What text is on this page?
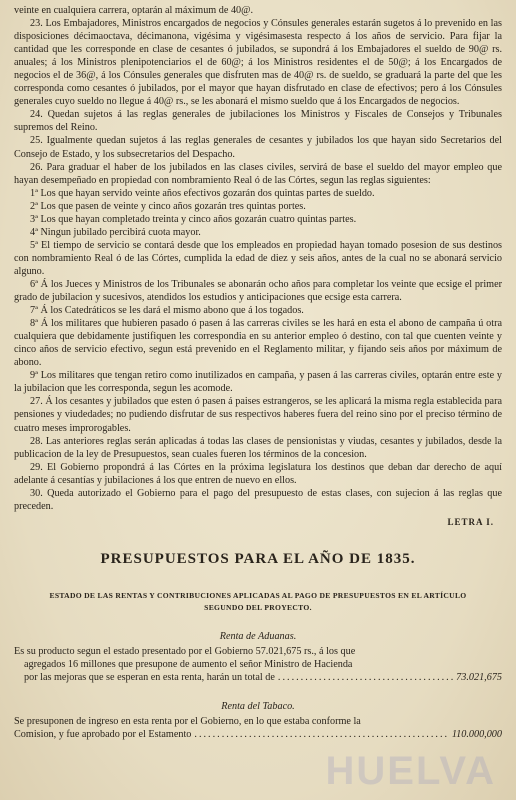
veinte en cualquiera carrera, optarán al máximum de 40@.

23. Los Embajadores, Ministros encargados de negocios y Cónsules generales estarán sugetos á lo prevenido en las disposiciones décimaoctava, décimanona, vigésima y vigésimasesta respecto á los años de servicio. Para fijar la cantidad que les corresponde en clase de cesantes ó jubilados, se supondrá á los Embajadores el sueldo de 90@ rs. anuales; á los Ministros plenipotenciarios el de 60@; á los Ministros residentes el de 50@; á los Encargados de negocios el de 36@, á los Cónsules generales que disfruten mas de 40@ rs. de sueldo, se graduará la parte del que les corresponda como cesantes ó jubilados, por el mayor que hayan disfrutado en clase de efectivos; pero á los Cónsules generales cuyo sueldo no llegue á 40@ rs., se les abonará el mismo sueldo que á los Encargados de negocios.

24. Quedan sujetos á las reglas generales de jubilaciones los Ministros y Fiscales de Consejos y Tribunales supremos del Reino.

25. Igualmente quedan sujetos á las reglas generales de cesantes y jubilados los que hayan sido Secretarios del Consejo de Estado, y los subsecretarios del Despacho.

26. Para graduar el haber de los jubilados en las clases civiles, servirá de base el sueldo del mayor empleo que hayan desempeñado en propiedad con nombramiento Real ó de las Córtes, segun las reglas siguientes:

1ª Los que hayan servido veinte años efectivos gozarán dos quintas partes de sueldo.

2ª Los que pasen de veinte y cinco años gozarán tres quintas portes.

3ª Los que hayan completado treinta y cinco años gozarán cuatro quintas partes.

4ª Ningun jubilado percibirá cuota mayor.

5ª El tiempo de servicio se contará desde que los empleados en propiedad hayan tomado posesion de sus destinos con nombramiento Real ó de las Córtes, cumplida la edad de diez y seis años, antes de la cual no se abonará servicio alguno.

6ª Á los Jueces y Ministros de los Tribunales se abonarán ocho años para completar los veinte que ecsige el primer grado de jubilacion y sucesivos, atendidos los estudios y anticipaciones que ecsige esta carrera.

7ª Á los Catedráticos se les dará el mismo abono que á los togados.

8ª Á los militares que hubieren pasado ó pasen á las carreras civiles se les hará en esta el abono de campaña ú otra cualquiera que debidamente justifiquen les correspondia en su anterior empleo ó destino, con tal que cuenten veinte y cinco años de servicio efectivo, segun está prevenido en el Reglamento militar, y fijando seis años por máximum de abono.

9ª Los militares que tengan retiro como inutilizados en campaña, y pasen á las carreras civiles, optarán entre este y la jubilacion que les corresponda, segun les acomode.

27. Á los cesantes y jubilados que esten ó pasen á paises estrangeros, se les aplicará la misma regla establecida para pensiones y viudedades; no pudiendo disfrutar de sus respectivos haberes fuera del reino sino por el preciso término de cuatro meses improrogables.

28. Las anteriores reglas serán aplicadas á todas las clases de pensionistas y viudas, cesantes y jubilados, desde la publicacion de la ley de Presupuestos, sean cuales fueren los términos de la concesion.

29. El Gobierno propondrá á las Córtes en la próxima legislatura los destinos que deban dar derecho de aquí adelante á cesantías y jubilaciones á los que entren de nuevo en ellos.

30. Queda autorizado el Gobierno para el pago del presupuesto de estas clases, con sujecion á las reglas que preceden.

LETRA I.
PRESUPUESTOS PARA EL AÑO DE 1835.
ESTADO DE LAS RENTAS Y CONTRIBUCIONES APLICADAS AL PAGO DE PRESUPUESTOS EN EL ARTÍCULO SEGUNDO DEL PROYECTO.
Renta de Aduanas.
Es su producto segun el estado presentado por el Gobierno 57.021,675 rs., á los que
agregados 16 millones que presupone de aumento el señor Ministro de Hacienda
por las mejoras que se esperan en esta renta, harán un total de .....	73.021,675
Renta del Tabaco.
Se presuponen de ingreso en esta renta por el Gobierno, en lo que estaba conforme la
Comision, y fue aprobado por el Estamento .....	110.000,000
HUELVA
